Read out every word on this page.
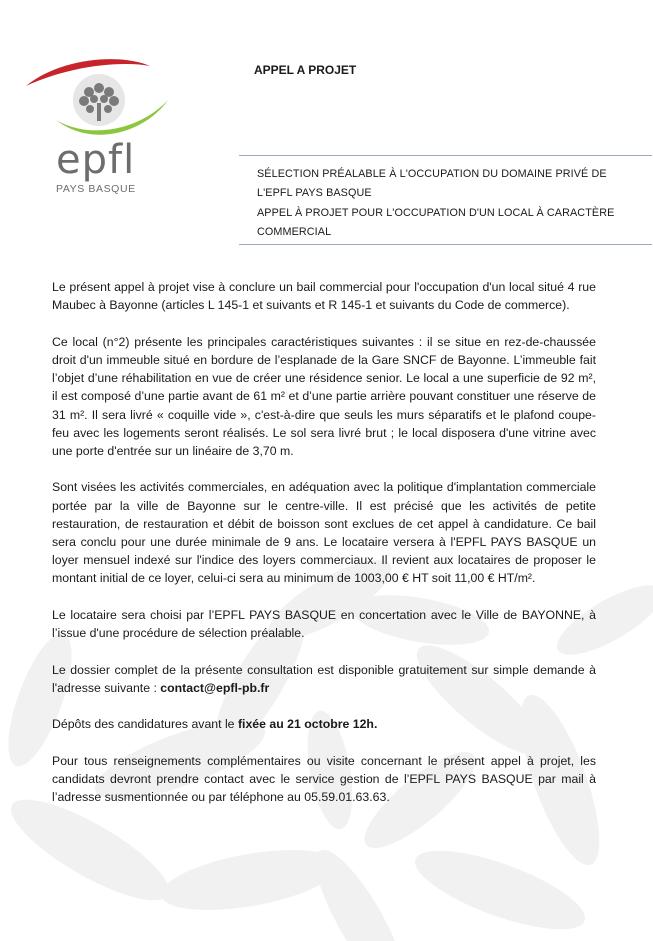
epfl
PAYS BASQUE
APPEL A PROJET
SÉLECTION PRÉALABLE À L'OCCUPATION DU DOMAINE PRIVÉ DE
L'EPFL PAYS BASQUE
APPEL À PROJET POUR L'OCCUPATION D'UN LOCAL À CARACTÈRE
COMMERCIAL

Le présent appel à projet vise à conclure un bail commercial pour l'occupation d'un local situé 4 rue Maubec à Bayonne (articles L 145-1 et suivants et R 145-1 et suivants du Code de commerce).

Ce local (n°2) présente les principales caractéristiques suivantes : il se situe en rez-de-chaussée droit d'un immeuble situé en bordure de l’esplanade de la Gare SNCF de Bayonne. L’immeuble fait l’objet d’une réhabilitation en vue de créer une résidence senior. Le local a une superficie de 92 m², il est composé d’une partie avant de 61 m² et d’une partie arrière pouvant constituer une réserve de 31 m². Il sera livré « coquille vide », c'est-à-dire que seuls les murs séparatifs et le plafond coupe-feu avec les logements seront réalisés. Le sol sera livré brut ; le local disposera d'une vitrine avec une porte d'entrée sur un linéaire de 3,70 m.

Sont visées les activités commerciales, en adéquation avec la politique d'implantation commerciale portée par la ville de Bayonne sur le centre-ville. Il est précisé que les activités de petite restauration, de restauration et débit de boisson sont exclues de cet appel à candidature. Ce bail sera conclu pour une durée minimale de 9 ans. Le locataire versera à l'EPFL PAYS BASQUE un loyer mensuel indexé sur l'indice des loyers commerciaux. Il revient aux locataires de proposer le montant initial de ce loyer, celui-ci sera au minimum de 1003,00 € HT soit 11,00 € HT/m².

Le locataire sera choisi par l’EPFL PAYS BASQUE en concertation avec le Ville de BAYONNE, à l’issue d'une procédure de sélection préalable.

Le dossier complet de la présente consultation est disponible gratuitement sur simple demande à l'adresse suivante : contact@epfl-pb.fr

Dépôts des candidatures avant le fixée au 21 octobre 12h.

Pour tous renseignements complémentaires ou visite concernant le présent appel à projet, les candidats devront prendre contact avec le service gestion de l’EPFL PAYS BASQUE par mail à l’adresse susmentionnée ou par téléphone au 05.59.01.63.63.
